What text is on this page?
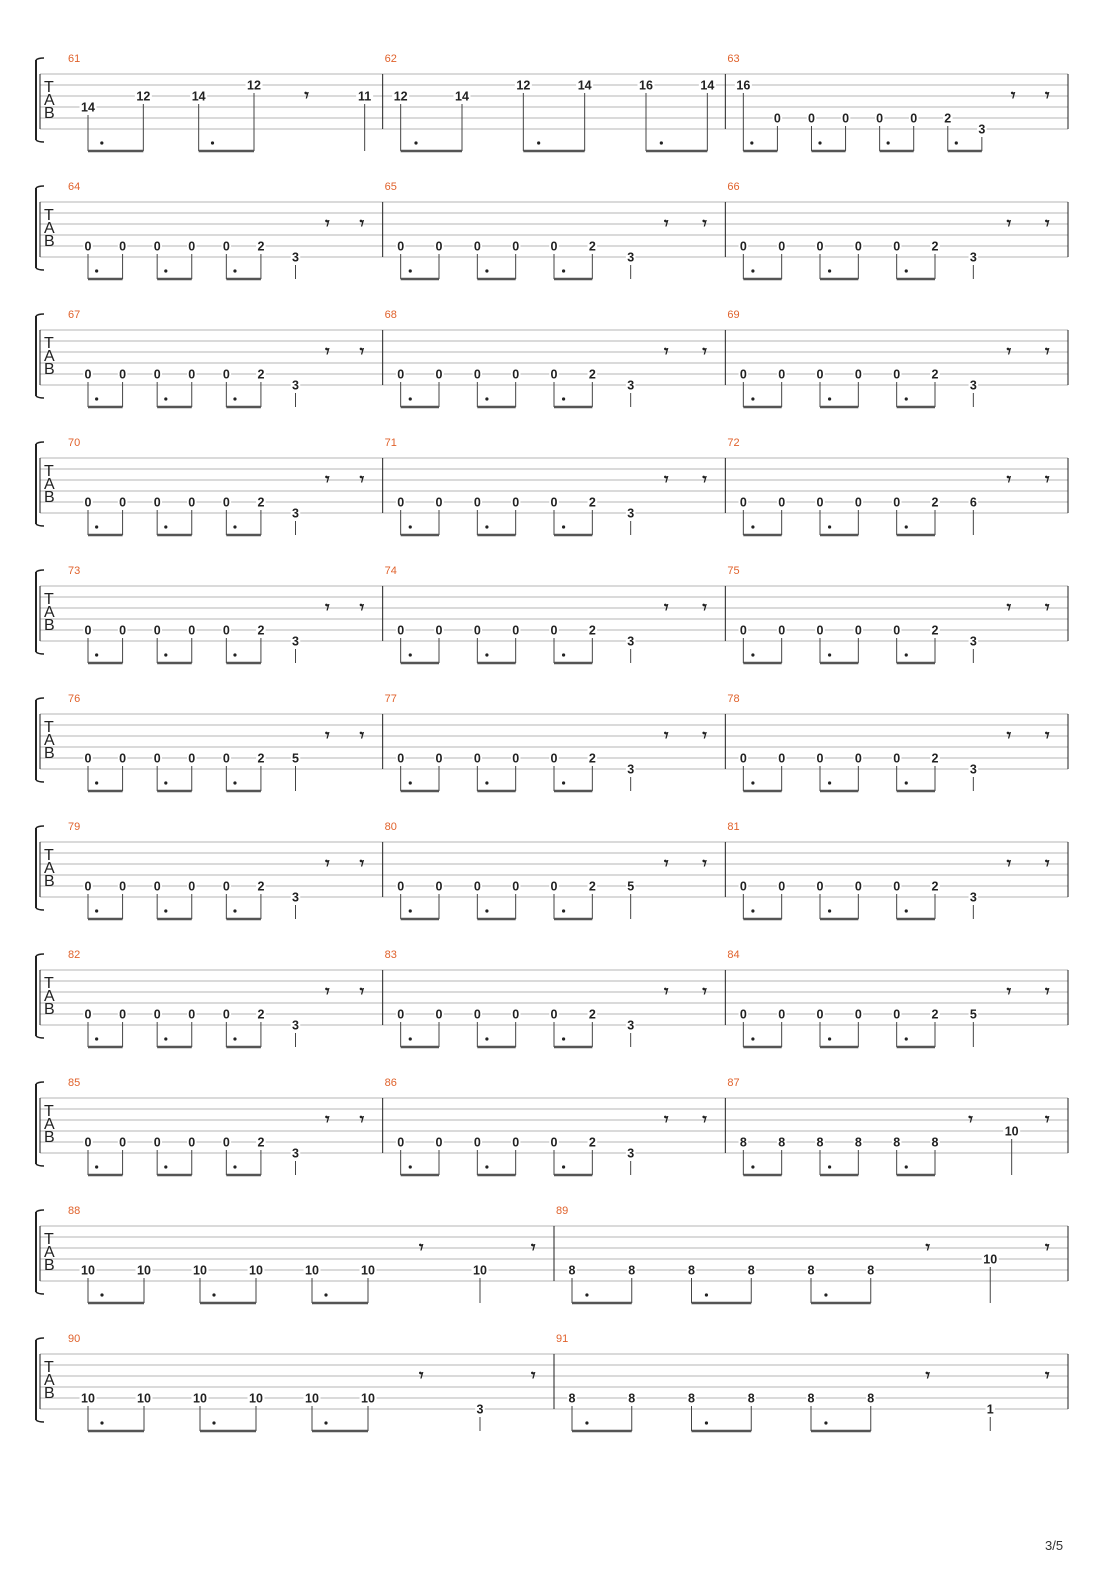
T
A
B
61
14
12	14
12
𝄾	11
62
12	14
12	14	16	14
63
16
0 0 0 0 0 2
3
𝄾 𝄾
T
A
B
64
0 0 0 0 0 2
3
𝄾 𝄾
65
0	0	0	0	0	2
3
𝄾 𝄾
66
0	0	0	0	0	2
3
𝄾 𝄾
T
A
B
67
0 0 0 0 0 2
3
𝄾 𝄾
68
0	0	0	0	0	2
3
𝄾 𝄾
69
0	0	0	0	0	2
3
𝄾 𝄾
T
A
B
70
0 0 0 0 0 2
3
𝄾 𝄾
71
0	0	0	0	0	2
3
𝄾 𝄾
72
0	0	0	0	0	2	6
𝄾 𝄾
T
A
B
73
0 0 0 0 0 2
3
𝄾 𝄾
74
0	0	0	0	0	2
3
𝄾 𝄾
75
0	0	0	0	0	2
3
𝄾 𝄾
T
A
B
76
0 0 0 0 0 2 5
𝄾 𝄾
77
0	0	0	0	0	2
3
𝄾 𝄾
78
0	0	0	0	0	2
3
𝄾 𝄾
T
A
B
79
0 0 0 0 0 2
3
𝄾 𝄾
80
0	0	0	0	0	2	5
𝄾 𝄾
81
0	0	0	0	0	2
3
𝄾 𝄾
T
A
B
82
0 0 0 0 0 2
3
𝄾 𝄾
83
0	0	0	0	0	2
3
𝄾 𝄾
84
0	0	0	0	0	2	5
𝄾 𝄾
T
A
B
85
0 0 0 0 0 2
3
𝄾 𝄾
86
0	0	0	0	0	2
3
𝄾 𝄾
87
8	8	8	8	8	8
𝄾
10
𝄾
T
A
B
88
10	10	10	10	10	10
𝄾
10
𝄾
89
8	8	8	8	8	8
𝄾
10
𝄾
T
A
B
90
10	10	10	10	10	10
𝄾
3
𝄾
91
8	8	8	8	8	8
𝄾
1
𝄾
3/5
